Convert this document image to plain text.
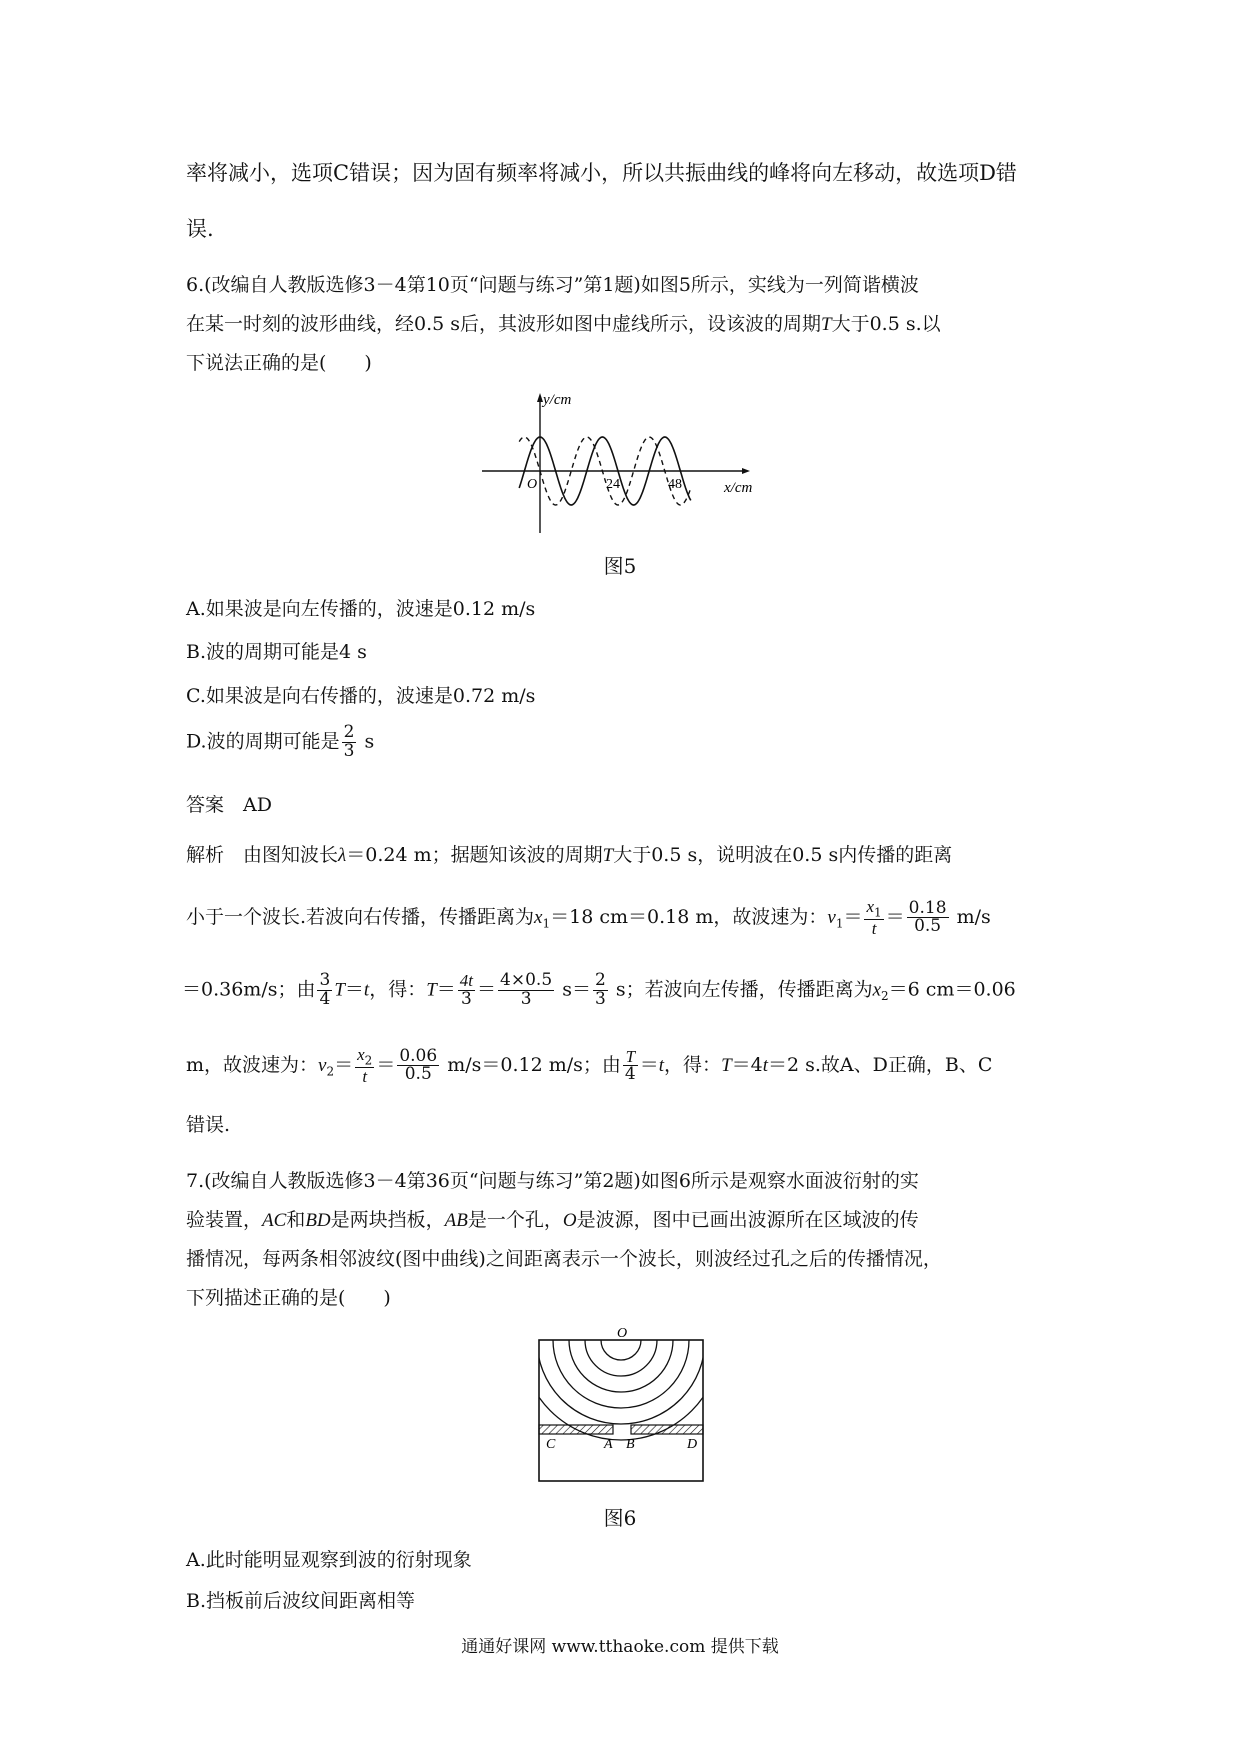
率将减小，选项C错误；因为固有频率将减小，所以共振曲线的峰将向左移动，故选项D错
误.
6.(改编自人教版选修3－4第10页“问题与练习”第1题)如图5所示，实线为一列简谐横波
在某一时刻的波形曲线，经0.5 s后，其波形如图中虚线所示，设该波的周期T大于0.5 s.以
下说法正确的是(　　)
y/cm
x/cm
O	24	48
图5
A.如果波是向左传播的，波速是0.12 m/s
B.波的周期可能是4 s
C.如果波是向右传播的，波速是0.72 m/s
D.波的周期可能是 $\frac{2}{3}$ s
答案　AD
解析　由图知波长λ＝0.24 m；据题知该波的周期T大于0.5 s，说明波在0.5 s内传播的距离
小于一个波长.若波向右传播，传播距离为$x_1=18$ cm＝0.18 m，故波速为：$v_1= \frac{x_1}{t} = \frac{0.18}{0.5} m/s$
＝0.36m/s；由 $\frac{3}{4} T=t$，得：$T= \frac{4t}{3} = \frac{4\times 0.5}{3} s= \frac{2}{3}$ s；若波向左传播，传播距离为$x_2=6$ cm＝0.06
m，故波速为：$v_2= \frac{x_2}{t} = \frac{0.06}{0.5} m/s=0.12$ m/s；由 $\frac{T}{4} =t$，得：T＝4t＝2 s.故A、D正确，B、C
错误.
7.(改编自人教版选修3－4第36页“问题与练习”第2题)如图6所示是观察水面波衍射的实
验装置，AC和BD是两块挡板，AB是一个孔，O是波源，图中已画出波源所在区域波的传
播情况，每两条相邻波纹(图中曲线)之间距离表示一个波长，则波经过孔之后的传播情况，
下列描述正确的是(　　)
O
C	A B	D
图6
A.此时能明显观察到波的衍射现象
B.挡板前后波纹间距离相等
通通好课网 www.tthaoke.com 提供下载
